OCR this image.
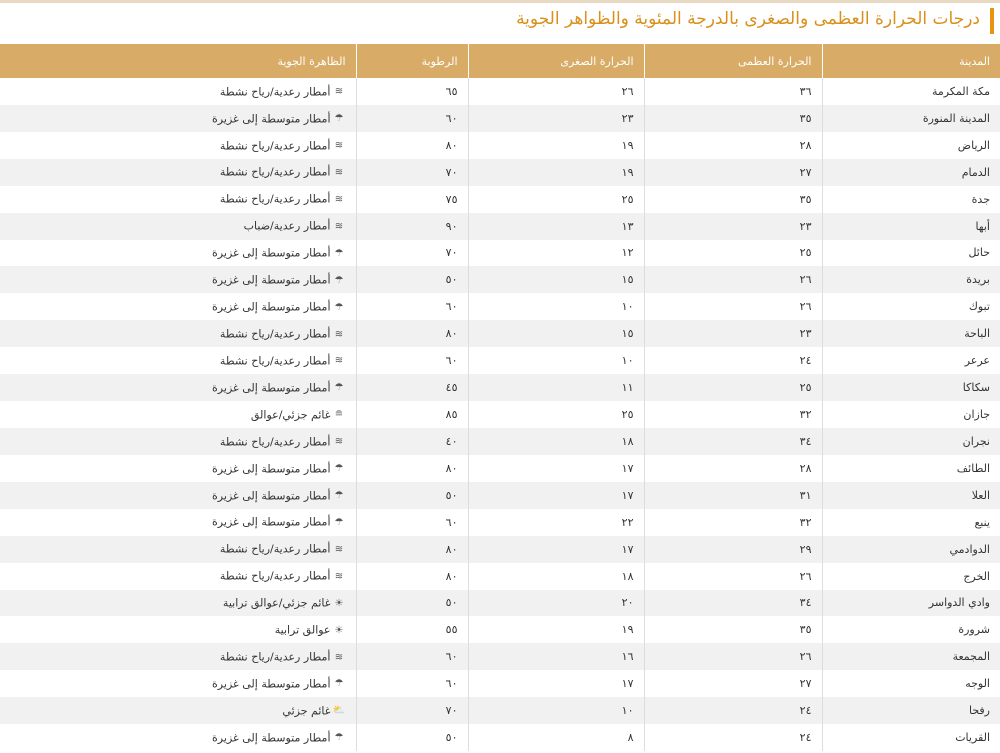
درجات الحرارة العظمى والصغرى بالدرجة المئوية والظواهر الجوية
المدينة	الحرارة العظمى	الحرارة الصغرى	الرطوبة	الظاهرة الجوية
مكة المكرمة	٣٦	٢٦	٦٥	≋أمطار رعدية/رياح نشطة
المدينة المنورة	٣٥	٢٣	٦٠	☂أمطار متوسطة إلى غزيرة
الرياض	٢٨	١٩	٨٠	≋أمطار رعدية/رياح نشطة
الدمام	٢٧	١٩	٧٠	≋أمطار رعدية/رياح نشطة
جدة	٣٥	٢٥	٧٥	≋أمطار رعدية/رياح نشطة
أبها	٢٣	١٣	٩٠	≋أمطار رعدية/ضباب
حائل	٢٥	١٢	٧٠	☂أمطار متوسطة إلى غزيرة
بريدة	٢٦	١٥	٥٠	☂أمطار متوسطة إلى غزيرة
تبوك	٢٦	١٠	٦٠	☂أمطار متوسطة إلى غزيرة
الباحة	٢٣	١٥	٨٠	≋أمطار رعدية/رياح نشطة
عرعر	٢٤	١٠	٦٠	≋أمطار رعدية/رياح نشطة
سكاكا	٢٥	١١	٤٥	☂أمطار متوسطة إلى غزيرة
جازان	٣٢	٢٥	٨٥	≘غائم جزئي/عوالق
نجران	٣٤	١٨	٤٠	≋أمطار رعدية/رياح نشطة
الطائف	٢٨	١٧	٨٠	☂أمطار متوسطة إلى غزيرة
العلا	٣١	١٧	٥٠	☂أمطار متوسطة إلى غزيرة
ينبع	٣٢	٢٢	٦٠	☂أمطار متوسطة إلى غزيرة
الدوادمي	٢٩	١٧	٨٠	≋أمطار رعدية/رياح نشطة
الخرج	٢٦	١٨	٨٠	≋أمطار رعدية/رياح نشطة
وادي الدواسر	٣٤	٢٠	٥٠	☀غائم جزئي/عوالق ترابية
شرورة	٣٥	١٩	٥٥	☀عوالق ترابية
المجمعة	٢٦	١٦	٦٠	≋أمطار رعدية/رياح نشطة
الوجه	٢٧	١٧	٦٠	☂أمطار متوسطة إلى غزيرة
رفحا	٢٤	١٠	٧٠	⛅غائم جزئي
القريات	٢٤	٨	٥٠	☂أمطار متوسطة إلى غزيرة
